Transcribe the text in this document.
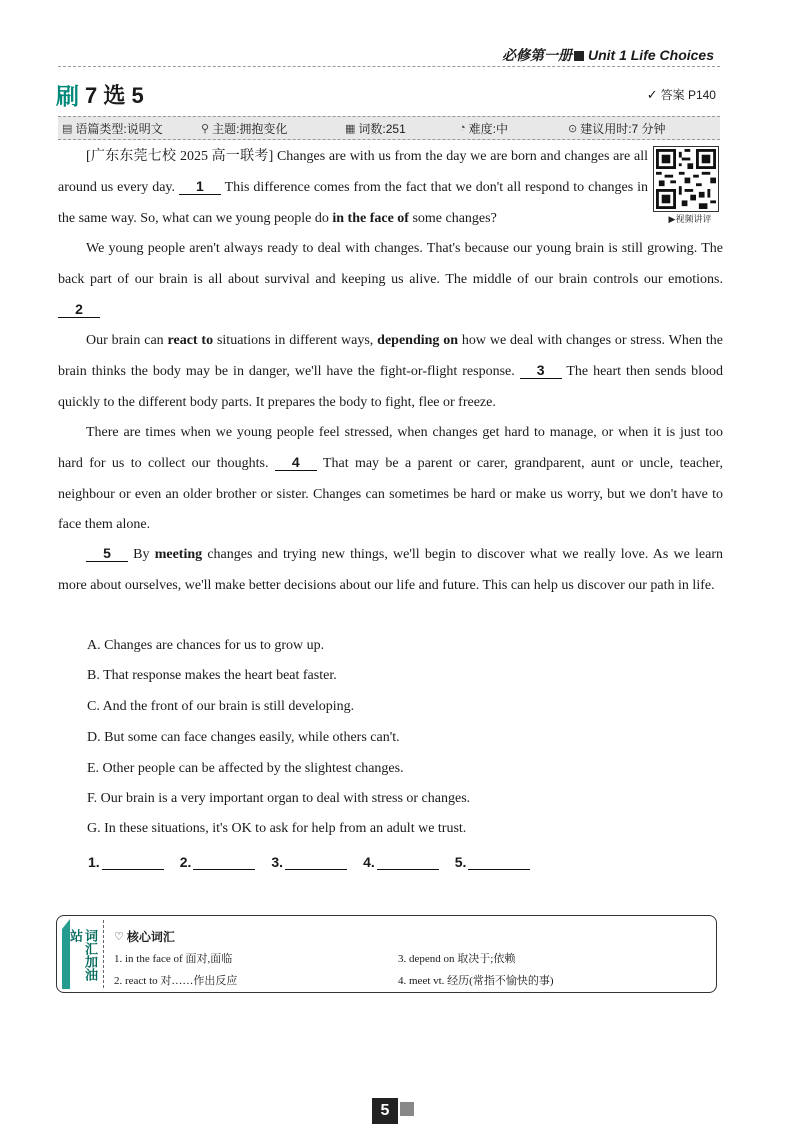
必修第一册 Unit 1 Life Choices
刷 7 选 5	✓ 答案 P140
▤ 语篇类型:说明文	⚲ 主题:拥抱变化	▦ 词数:251	◔ 难度:中	⊙ 建议用时:7 分钟
▶视频讲评

[广东东莞七校 2025 高一联考] Changes are with us from the day we are born and changes are all around us every day. 1 This difference comes from the fact that we don't all respond to changes in the same way. So, what can we young people do in the face of some changes?

We young people aren't always ready to deal with changes. That's because our young brain is still growing. The back part of our brain is all about survival and keeping us alive. The middle of our brain controls our emotions. 2

Our brain can react to situations in different ways, depending on how we deal with changes or stress. When the brain thinks the body may be in danger, we'll have the fight-or-flight response. 3 The heart then sends blood quickly to the different body parts. It prepares the body to fight, flee or freeze.

There are times when we young people feel stressed, when changes get hard to manage, or when it is just too hard for us to collect our thoughts. 4 That may be a parent or carer, grandparent, aunt or uncle, teacher, neighbour or even an older brother or sister. Changes can sometimes be hard or make us worry, but we don't have to face them alone.

5 By meeting changes and trying new things, we'll begin to discover what we really love. As we learn more about ourselves, we'll make better decisions about our life and future. This can help us discover our path in life.

A. Changes are chances for us to grow up.

B. That response makes the heart beat faster.

C. And the front of our brain is still developing.

D. But some can face changes easily, while others can't.

E. Other people can be affected by the slightest changes.

F. Our brain is a very important organ to deal with stress or changes.

G. In these situations, it's OK to ask for help from an adult we trust.

1.	2.	3.	4.	5.
词汇加油站	♡ 核心词汇
1. in the face of 面对,面临
2. react to 对……作出反应
3. depend on 取决于;依赖
4. meet vt. 经历(常指不愉快的事)
5
